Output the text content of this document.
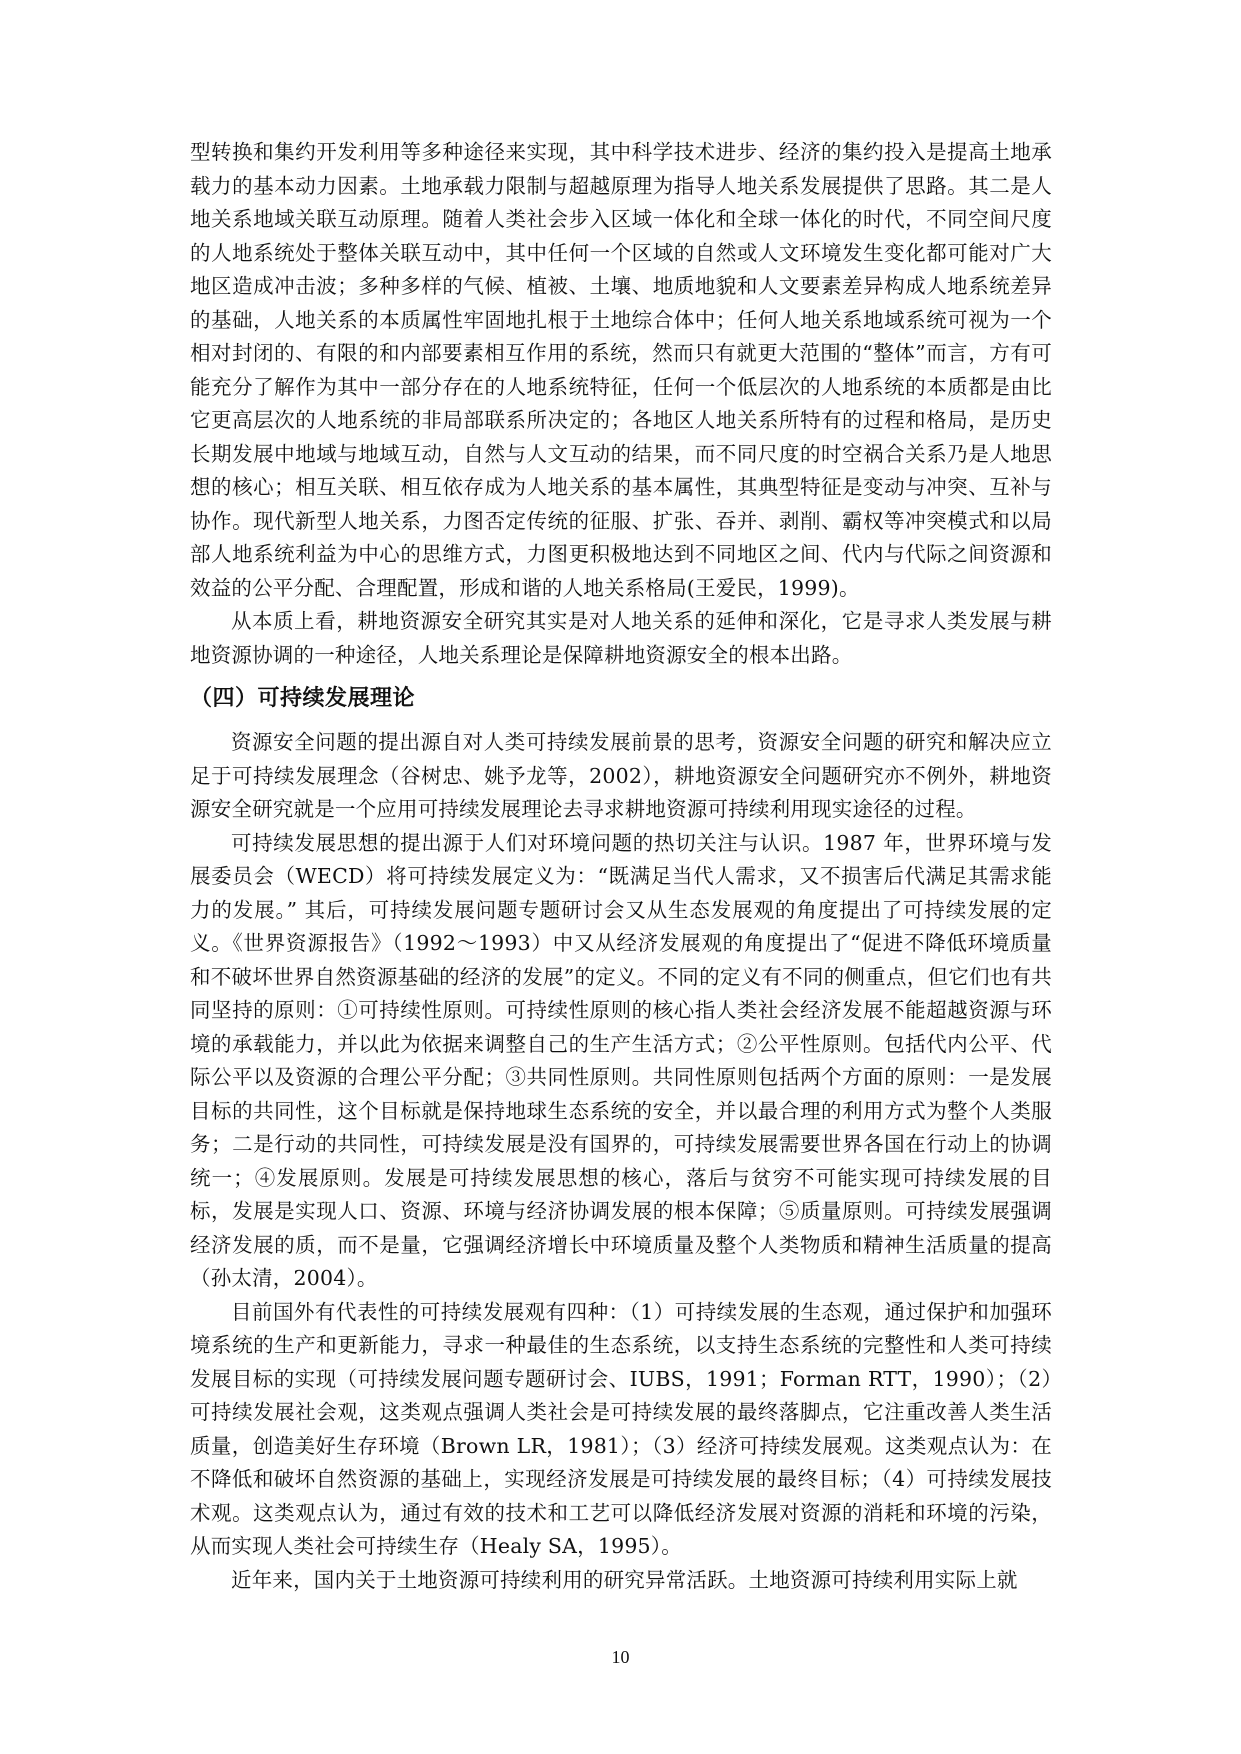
型转换和集约开发利用等多种途径来实现，其中科学技术进步、经济的集约投入是提高土地承载力的基本动力因素。土地承载力限制与超越原理为指导人地关系发展提供了思路。其二是人地关系地域关联互动原理。随着人类社会步入区域一体化和全球一体化的时代，不同空间尺度的人地系统处于整体关联互动中，其中任何一个区域的自然或人文环境发生变化都可能对广大地区造成冲击波；多种多样的气候、植被、土壤、地质地貌和人文要素差异构成人地系统差异的基础，人地关系的本质属性牢固地扎根于土地综合体中；任何人地关系地域系统可视为一个相对封闭的、有限的和内部要素相互作用的系统，然而只有就更大范围的“整体”而言，方有可能充分了解作为其中一部分存在的人地系统特征，任何一个低层次的人地系统的本质都是由比它更高层次的人地系统的非局部联系所决定的；各地区人地关系所特有的过程和格局，是历史长期发展中地域与地域互动，自然与人文互动的结果，而不同尺度的时空祸合关系乃是人地思想的核心；相互关联、相互依存成为人地关系的基本属性，其典型特征是变动与冲突、互补与协作。现代新型人地关系，力图否定传统的征服、扩张、吞并、剥削、霸权等冲突模式和以局部人地系统利益为中心的思维方式，力图更积极地达到不同地区之间、代内与代际之间资源和效益的公平分配、合理配置，形成和谐的人地关系格局(王爱民，1999)。

从本质上看，耕地资源安全研究其实是对人地关系的延伸和深化，它是寻求人类发展与耕地资源协调的一种途径，人地关系理论是保障耕地资源安全的根本出路。

（四）可持续发展理论

资源安全问题的提出源自对人类可持续发展前景的思考，资源安全问题的研究和解决应立足于可持续发展理念（谷树忠、姚予龙等，2002），耕地资源安全问题研究亦不例外，耕地资源安全研究就是一个应用可持续发展理论去寻求耕地资源可持续利用现实途径的过程。

可持续发展思想的提出源于人们对环境问题的热切关注与认识。1987 年，世界环境与发展委员会（WECD）将可持续发展定义为：“既满足当代人需求，又不损害后代满足其需求能力的发展。” 其后，可持续发展问题专题研讨会又从生态发展观的角度提出了可持续发展的定义。《世界资源报告》（1992～1993）中又从经济发展观的角度提出了“促进不降低环境质量和不破坏世界自然资源基础的经济的发展”的定义。不同的定义有不同的侧重点，但它们也有共同坚持的原则：①可持续性原则。可持续性原则的核心指人类社会经济发展不能超越资源与环境的承载能力，并以此为依据来调整自己的生产生活方式；②公平性原则。包括代内公平、代际公平以及资源的合理公平分配；③共同性原则。共同性原则包括两个方面的原则：一是发展目标的共同性，这个目标就是保持地球生态系统的安全，并以最合理的利用方式为整个人类服务；二是行动的共同性，可持续发展是没有国界的，可持续发展需要世界各国在行动上的协调统一；④发展原则。发展是可持续发展思想的核心，落后与贫穷不可能实现可持续发展的目标，发展是实现人口、资源、环境与经济协调发展的根本保障；⑤质量原则。可持续发展强调经济发展的质，而不是量，它强调经济增长中环境质量及整个人类物质和精神生活质量的提高（孙太清，2004）。

目前国外有代表性的可持续发展观有四种：（1）可持续发展的生态观，通过保护和加强环境系统的生产和更新能力，寻求一种最佳的生态系统，以支持生态系统的完整性和人类可持续发展目标的实现（可持续发展问题专题研讨会、IUBS，1991；Forman RTT，1990）；（2）可持续发展社会观，这类观点强调人类社会是可持续发展的最终落脚点，它注重改善人类生活质量，创造美好生存环境（Brown LR，1981）；（3）经济可持续发展观。这类观点认为：在不降低和破坏自然资源的基础上，实现经济发展是可持续发展的最终目标；（4）可持续发展技术观。这类观点认为，通过有效的技术和工艺可以降低经济发展对资源的消耗和环境的污染，从而实现人类社会可持续生存（Healy SA，1995）。

近年来，国内关于土地资源可持续利用的研究异常活跃。土地资源可持续利用实际上就

10
